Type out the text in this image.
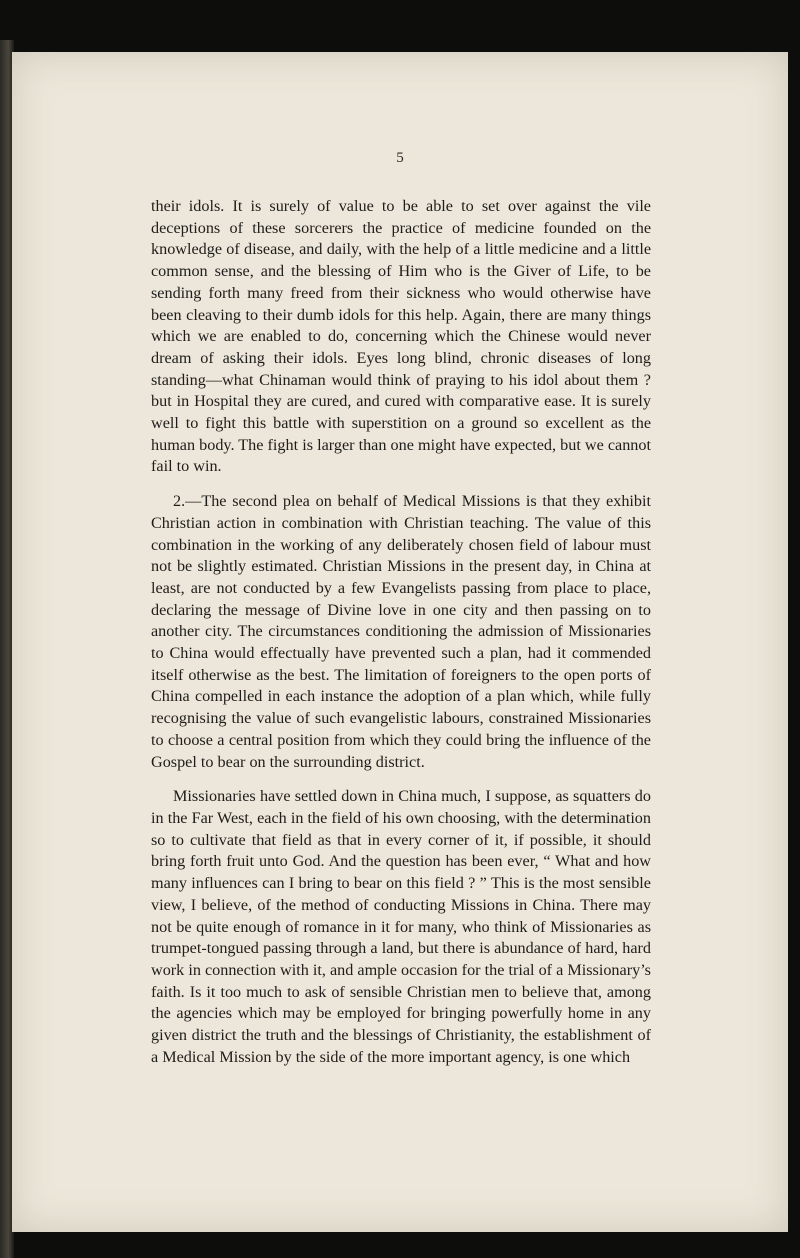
5

their idols. It is surely of value to be able to set over against the vile deceptions of these sorcerers the practice of medicine founded on the knowledge of disease, and daily, with the help of a little medicine and a little common sense, and the blessing of Him who is the Giver of Life, to be sending forth many freed from their sickness who would otherwise have been cleaving to their dumb idols for this help. Again, there are many things which we are enabled to do, concerning which the Chinese would never dream of asking their idols. Eyes long blind, chronic diseases of long standing—what Chinaman would think of praying to his idol about them ? but in Hospital they are cured, and cured with comparative ease. It is surely well to fight this battle with superstition on a ground so excellent as the human body. The fight is larger than one might have expected, but we cannot fail to win.

2.—The second plea on behalf of Medical Missions is that they exhibit Christian action in combination with Christian teaching. The value of this combination in the working of any deliberately chosen field of labour must not be slightly estimated. Christian Missions in the present day, in China at least, are not conducted by a few Evangelists passing from place to place, declaring the message of Divine love in one city and then passing on to another city. The circumstances conditioning the admission of Missionaries to China would effectually have prevented such a plan, had it commended itself otherwise as the best. The limitation of foreigners to the open ports of China compelled in each instance the adoption of a plan which, while fully recognising the value of such evangelistic labours, constrained Missionaries to choose a central position from which they could bring the influence of the Gospel to bear on the surrounding district.

Missionaries have settled down in China much, I suppose, as squatters do in the Far West, each in the field of his own choosing, with the determination so to cultivate that field as that in every corner of it, if possible, it should bring forth fruit unto God. And the question has been ever, “ What and how many influences can I bring to bear on this field ? ” This is the most sensible view, I believe, of the method of conducting Missions in China. There may not be quite enough of romance in it for many, who think of Missionaries as trumpet-tongued passing through a land, but there is abundance of hard, hard work in connection with it, and ample occasion for the trial of a Missionary’s faith. Is it too much to ask of sensible Christian men to believe that, among the agencies which may be employed for bringing powerfully home in any given district the truth and the blessings of Christianity, the establishment of a Medical Mission by the side of the more important agency, is one which
